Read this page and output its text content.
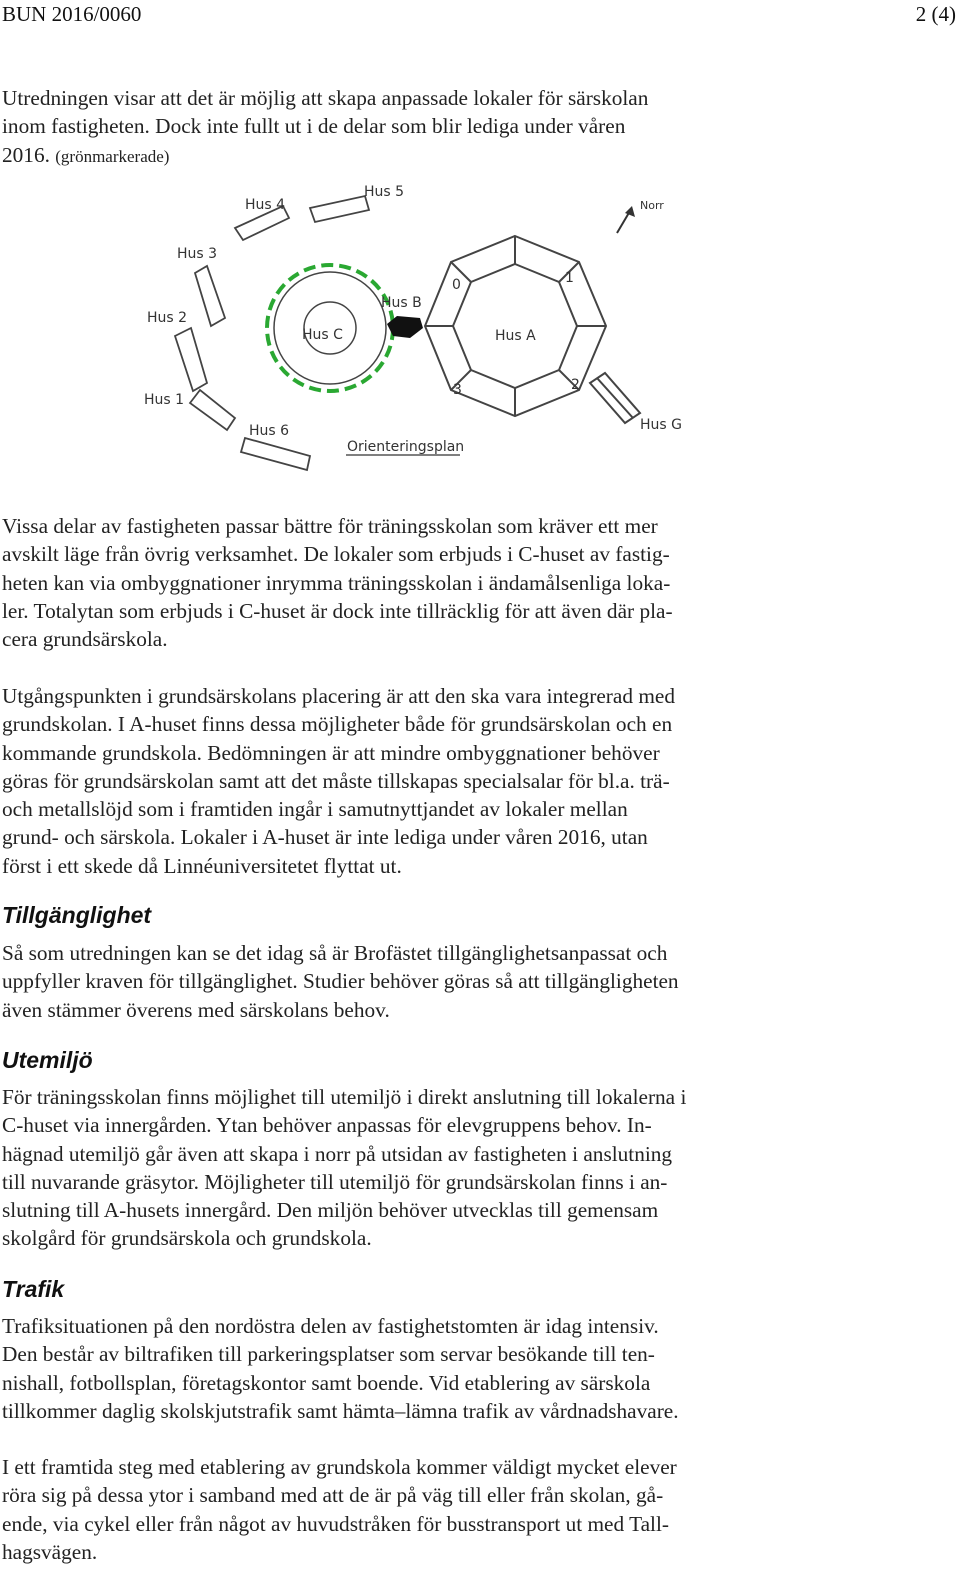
BUN 2016/0060	2 (4)
Utredningen visar att det är möjlig att skapa anpassade lokaler för särskolan
inom fastigheten. Dock inte fullt ut i de delar som blir lediga under våren
2016. (grönmarkerade)
Hus 1
Hus 2
Hus 3
Hus 4
Hus 5
Hus 6
Hus B
Hus C	Hus A
Hus G
0	1
2
3
Norr
Orienteringsplan
Vissa delar av fastigheten passar bättre för träningsskolan som kräver ett mer
avskilt läge från övrig verksamhet. De lokaler som erbjuds i C-huset av fastig-
heten kan via ombyggnationer inrymma träningsskolan i ändamålsenliga loka-
ler. Totalytan som erbjuds i C-huset är dock inte tillräcklig för att även där pla-
cera grundsärskola.
Utgångspunkten i grundsärskolans placering är att den ska vara integrerad med
grundskolan. I A-huset finns dessa möjligheter både för grundsärskolan och en
kommande grundskola. Bedömningen är att mindre ombyggnationer behöver
göras för grundsärskolan samt att det måste tillskapas specialsalar för bl.a. trä-
och metallslöjd som i framtiden ingår i samutnyttjandet av lokaler mellan
grund- och särskola. Lokaler i A-huset är inte lediga under våren 2016, utan
först i ett skede då Linnéuniversitetet flyttat ut.
Tillgänglighet
Så som utredningen kan se det idag så är Brofästet tillgänglighetsanpassat och
uppfyller kraven för tillgänglighet. Studier behöver göras så att tillgängligheten
även stämmer överens med särskolans behov.
Utemiljö
För träningsskolan finns möjlighet till utemiljö i direkt anslutning till lokalerna i
C-huset via innergården. Ytan behöver anpassas för elevgruppens behov. In-
hägnad utemiljö går även att skapa i norr på utsidan av fastigheten i anslutning
till nuvarande gräsytor. Möjligheter till utemiljö för grundsärskolan finns i an-
slutning till A-husets innergård. Den miljön behöver utvecklas till gemensam
skolgård för grundsärskola och grundskola.
Trafik
Trafiksituationen på den nordöstra delen av fastighetstomten är idag intensiv.
Den består av biltrafiken till parkeringsplatser som servar besökande till ten-
nishall, fotbollsplan, företagskontor samt boende. Vid etablering av särskola
tillkommer daglig skolskjutstrafik samt hämta–lämna trafik av vårdnadshavare.
I ett framtida steg med etablering av grundskola kommer väldigt mycket elever
röra sig på dessa ytor i samband med att de är på väg till eller från skolan, gå-
ende, via cykel eller från något av huvudstråken för busstransport ut med Tall-
hagsvägen.
